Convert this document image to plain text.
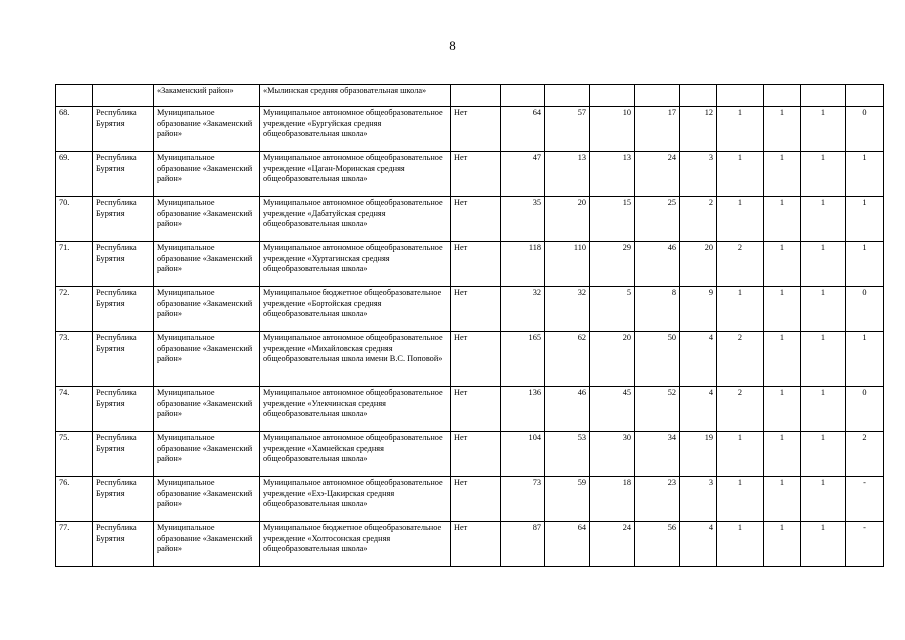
8
		«Закаменский район»	«Мылинская средняя образовательная школа»										
68.	Республика Бурятия	Муниципальное образование «Закаменский район»	Муниципальное автономное общеобразовательное учреждение «Бургуйская средняя общеобразовательная школа»	Нет	64	57	10	17	12	1	1	1	0
69.	Республика Бурятия	Муниципальное образование «Закаменский район»	Муниципальное автономное общеобразовательное учреждение «Цаган-Моринская средняя общеобразовательная школа»	Нет	47	13	13	24	3	1	1	1	1
70.	Республика Бурятия	Муниципальное образование «Закаменский район»	Муниципальное автономное общеобразовательное учреждение «Дабатуйская средняя общеобразовательная школа»	Нет	35	20	15	25	2	1	1	1	1
71.	Республика Бурятия	Муниципальное образование «Закаменский район»	Муниципальное автономное общеобразовательное учреждение «Хуртагинская средняя общеобразовательная школа»	Нет	118	110	29	46	20	2	1	1	1
72.	Республика Бурятия	Муниципальное образование «Закаменский район»	Муниципальное бюджетное общеобразовательное учреждение «Бортойская средняя общеобразовательная школа»	Нет	32	32	5	8	9	1	1	1	0
73.	Республика Бурятия	Муниципальное образование «Закаменский район»	Муниципальное автономное общеобразовательное учреждение «Михайловская средняя общеобразовательная школа имени В.С. Поповой»	Нет	165	62	20	50	4	2	1	1	1
74.	Республика Бурятия	Муниципальное образование «Закаменский район»	Муниципальное автономное общеобразовательное учреждение «Улекчинская средняя общеобразовательная школа»	Нет	136	46	45	52	4	2	1	1	0
75.	Республика Бурятия	Муниципальное образование «Закаменский район»	Муниципальное автономное общеобразовательное учреждение «Хамнейская средняя общеобразовательная школа»	Нет	104	53	30	34	19	1	1	1	2
76.	Республика Бурятия	Муниципальное образование «Закаменский район»	Муниципальное автономное общеобразовательное учреждение «Ехэ-Цакирская средняя общеобразовательная школа»	Нет	73	59	18	23	3	1	1	1	-
77.	Республика Бурятия	Муниципальное образование «Закаменский район»	Муниципальное бюджетное общеобразовательное учреждение «Холтосонская средняя общеобразовательная школа»	Нет	87	64	24	56	4	1	1	1	-
